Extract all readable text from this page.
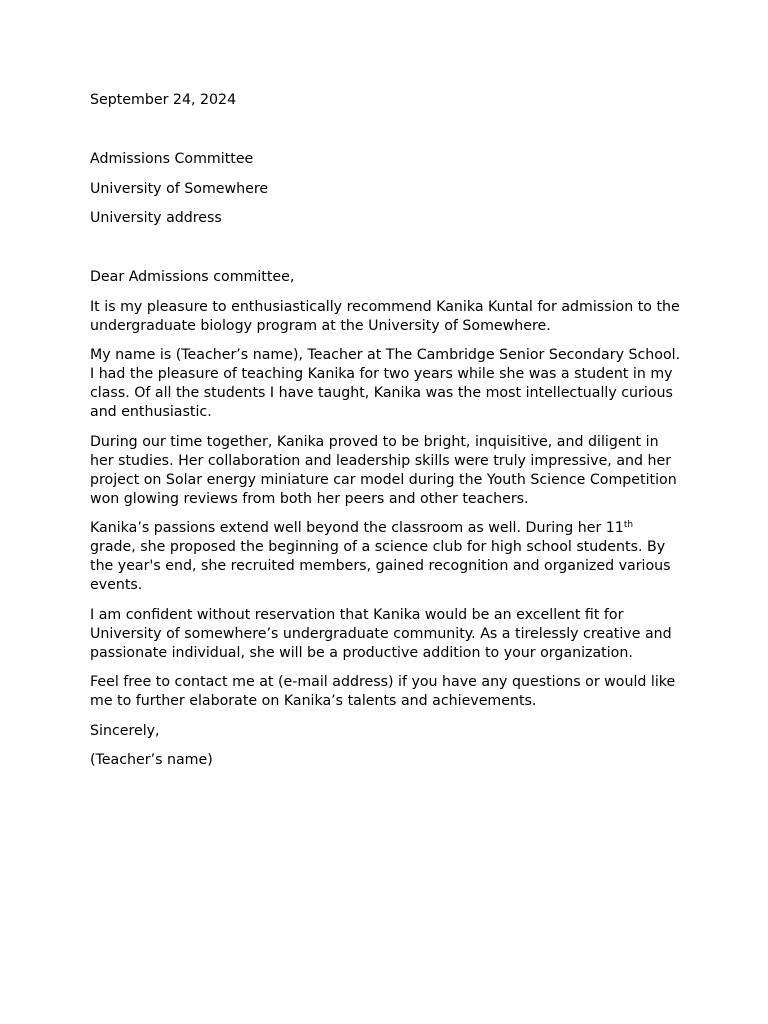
September 24, 2024

Admissions Committee

University of Somewhere

University address

Dear Admissions committee,

It is my pleasure to enthusiastically recommend Kanika Kuntal for admission to the undergraduate biology program at the University of Somewhere.

My name is (Teacher’s name), Teacher at The Cambridge Senior Secondary School. I had the pleasure of teaching Kanika for two years while she was a student in my class. Of all the students I have taught, Kanika was the most intellectually curious and enthusiastic.

During our time together, Kanika proved to be bright, inquisitive, and diligent in her studies. Her collaboration and leadership skills were truly impressive, and her project on Solar energy miniature car model during the Youth Science Competition won glowing reviews from both her peers and other teachers.

Kanika’s passions extend well beyond the classroom as well. During her 11th grade, she proposed the beginning of a science club for high school students. By the year's end, she recruited members, gained recognition and organized various events.

I am confident without reservation that Kanika would be an excellent fit for University of somewhere’s undergraduate community. As a tirelessly creative and passionate individual, she will be a productive addition to your organization.

Feel free to contact me at (e-mail address) if you have any questions or would like me to further elaborate on Kanika’s talents and achievements.

Sincerely,

(Teacher’s name)
